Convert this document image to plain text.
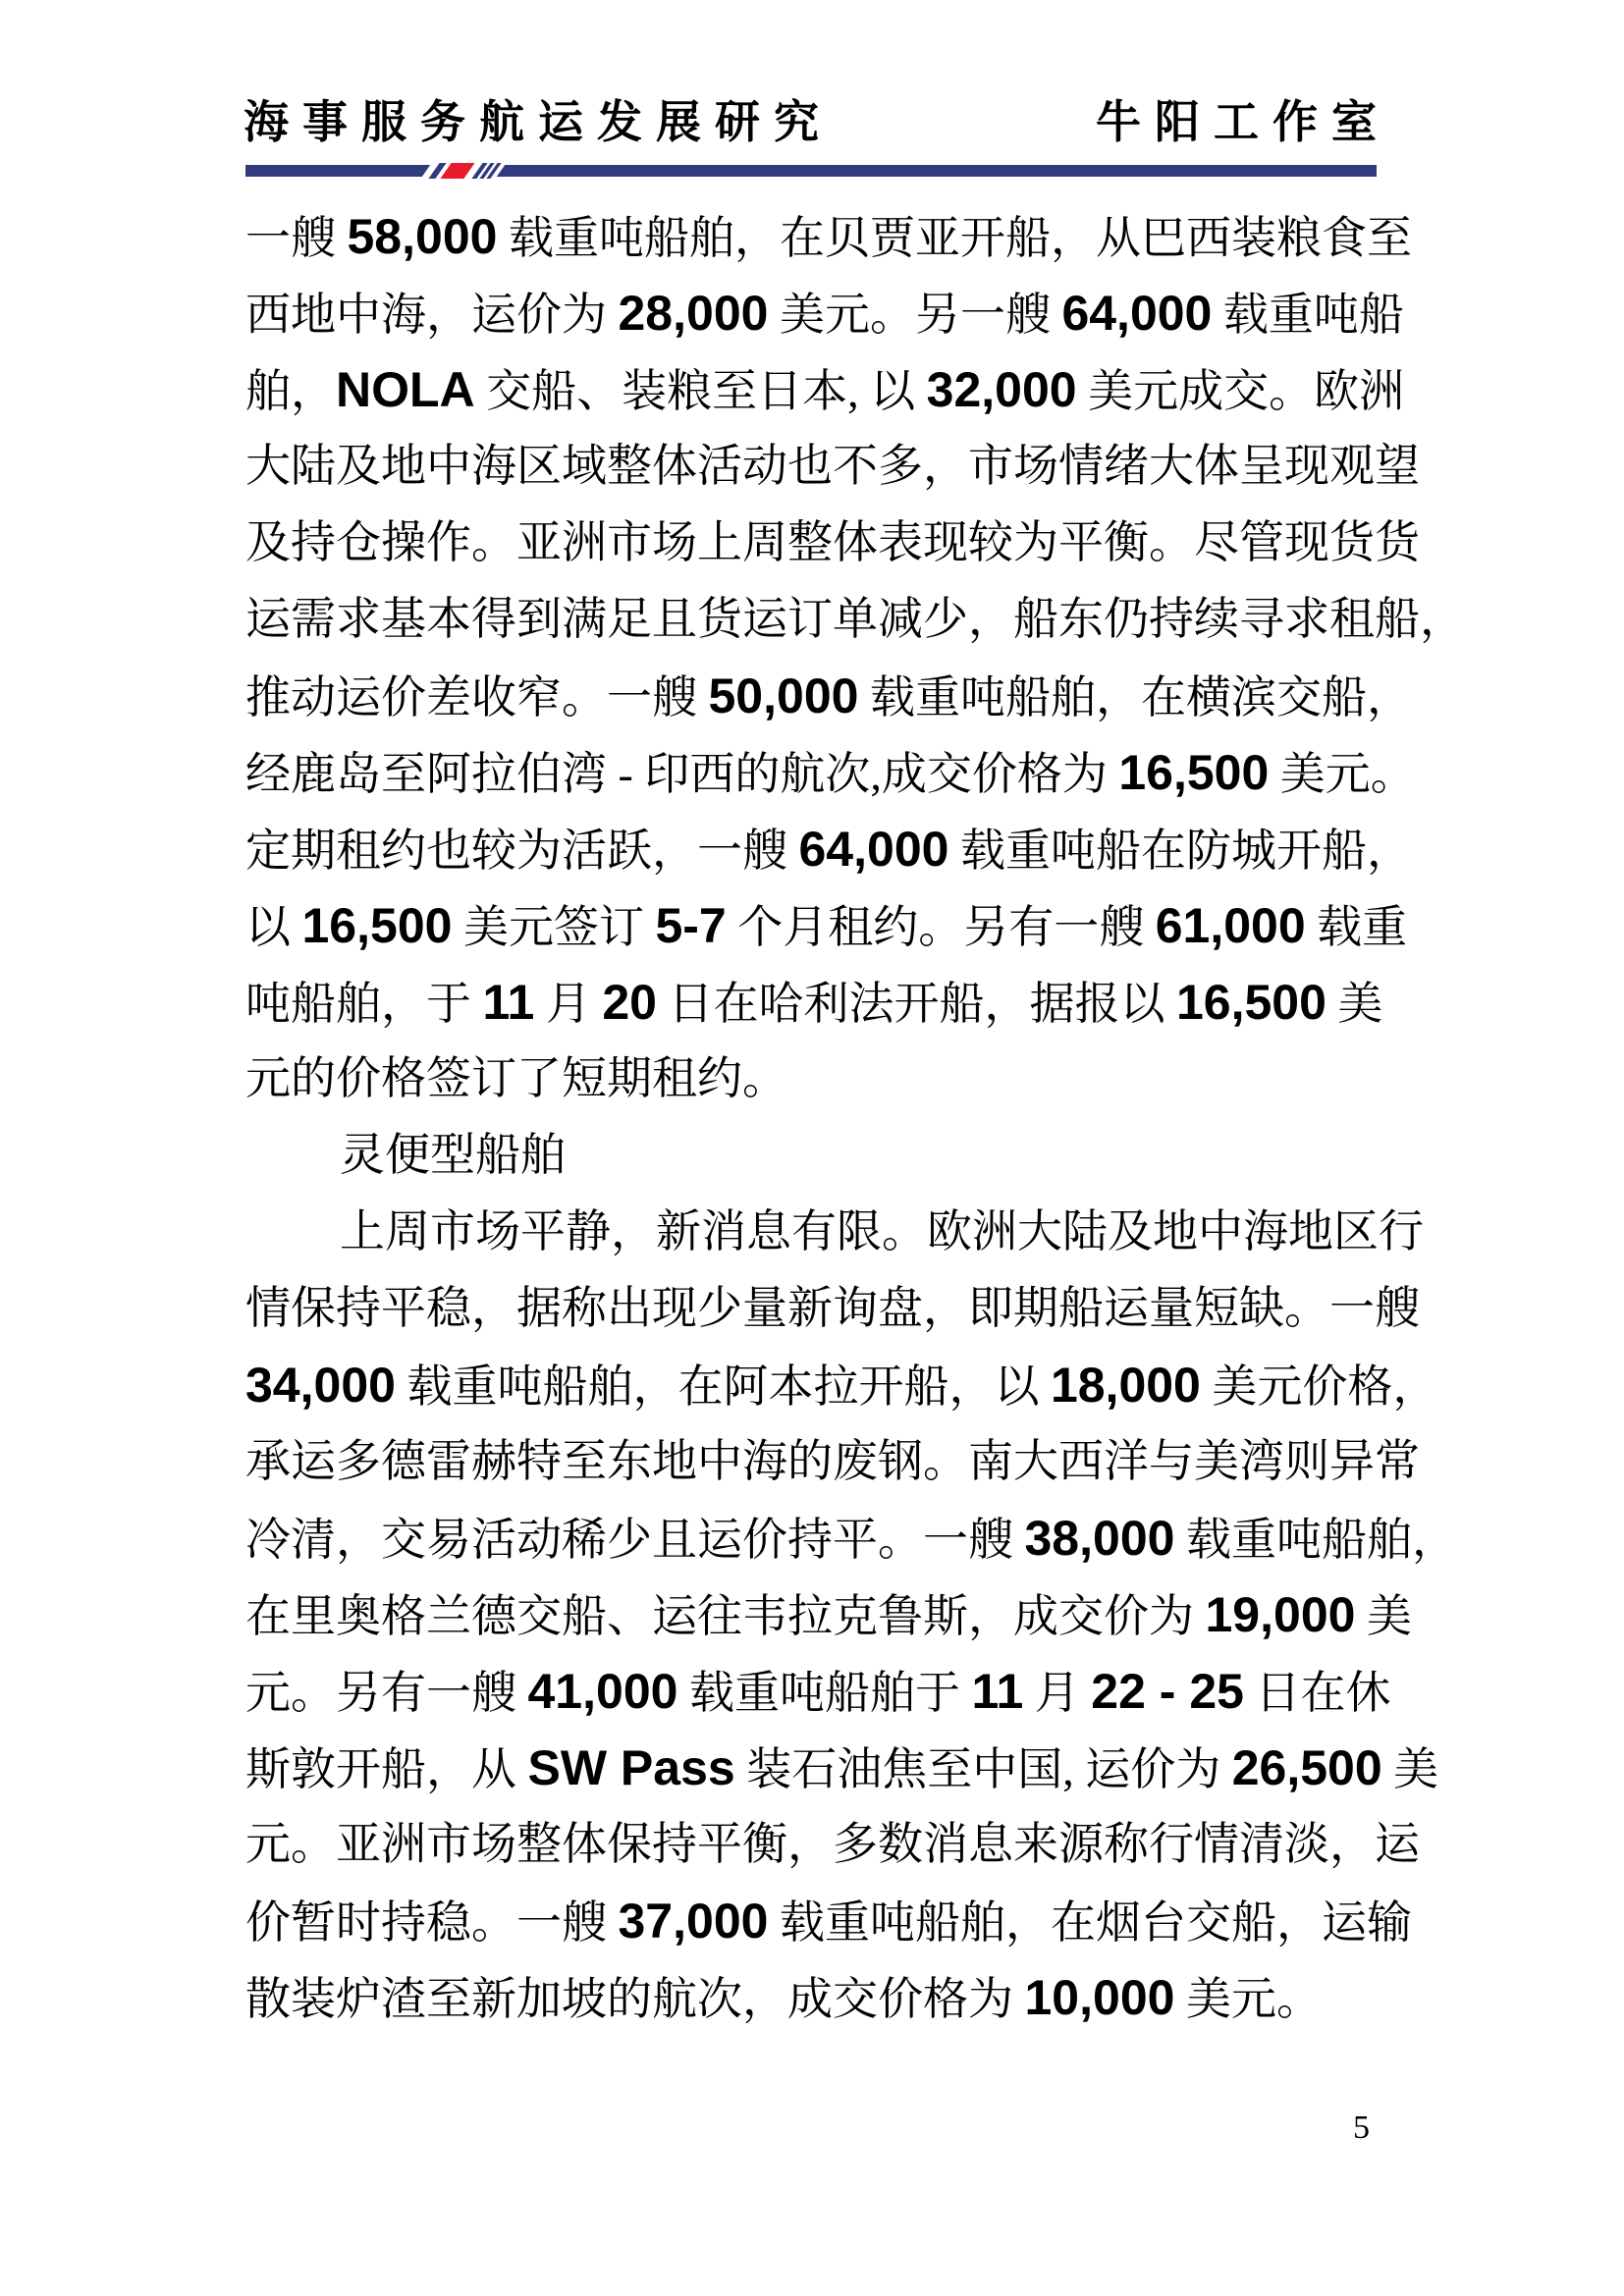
海事服务航运发展研究	牛阳工作室
一艘 58,000 载重吨船舶，在贝贾亚开船，从巴西装粮食至
西地中海，运价为 28,000 美元。另一艘 64,000 载重吨船
舶，NOLA 交船、装粮至日本, 以 32,000 美元成交。欧洲
大陆及地中海区域整体活动也不多，市场情绪大体呈现观望
及持仓操作。亚洲市场上周整体表现较为平衡。尽管现货货
运需求基本得到满足且货运订单减少，船东仍持续寻求租船，
推动运价差收窄。一艘 50,000 载重吨船舶，在横滨交船，
经鹿岛至阿拉伯湾 - 印西的航次,成交价格为 16,500 美元。
定期租约也较为活跃，一艘 64,000 载重吨船在防城开船，
以 16,500 美元签订 5-7 个月租约。另有一艘 61,000 载重
吨船舶，于 11 月 20 日在哈利法开船，据报以 16,500 美
元的价格签订了短期租约。
灵便型船舶
上周市场平静，新消息有限。欧洲大陆及地中海地区行
情保持平稳，据称出现少量新询盘，即期船运量短缺。一艘
34,000 载重吨船舶，在阿本拉开船，以 18,000 美元价格，
承运多德雷赫特至东地中海的废钢。南大西洋与美湾则异常
冷清，交易活动稀少且运价持平。一艘 38,000 载重吨船舶，
在里奥格兰德交船、运往韦拉克鲁斯，成交价为 19,000 美
元。另有一艘 41,000 载重吨船舶于 11 月 22 - 25 日在休
斯敦开船，从 SW Pass 装石油焦至中国, 运价为 26,500 美
元。亚洲市场整体保持平衡，多数消息来源称行情清淡，运
价暂时持稳。一艘 37,000 载重吨船舶，在烟台交船，运输
散装炉渣至新加坡的航次，成交价格为 10,000 美元。
5
